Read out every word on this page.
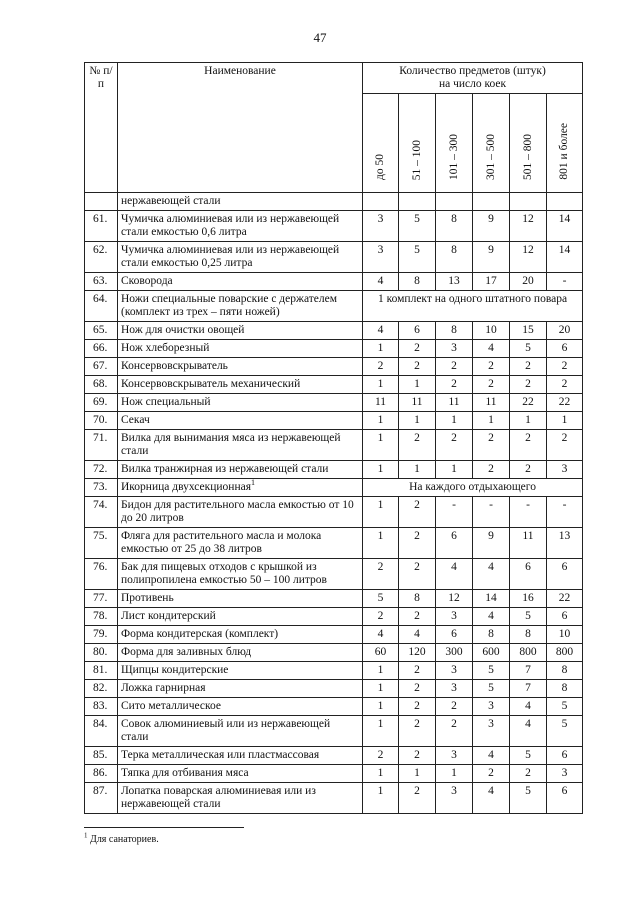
47
№ п/п	Наименование	Количество предметов (штук)
на число коек					
		до 50	51 – 100	101 – 300	301 – 500	501 – 800	801 и более
	нержавеющей стали						
61.	Чумичка алюминиевая или из нержавеющей стали емкостью 0,6 литра	3	5	8	9	12	14
62.	Чумичка алюминиевая или из нержавеющей стали емкостью 0,25 литра	3	5	8	9	12	14
63.	Сковорода	4	8	13	17	20	-
64.	Ножи специальные поварские с держателем (комплект из трех – пяти ножей)	1 комплект на одного штатного повара					
65.	Нож для очистки овощей	4	6	8	10	15	20
66.	Нож хлеборезный	1	2	3	4	5	6
67.	Консервовскрыватель	2	2	2	2	2	2
68.	Консервовскрыватель механический	1	1	2	2	2	2
69.	Нож специальный	11	11	11	11	22	22
70.	Секач	1	1	1	1	1	1
71.	Вилка для вынимания мяса из нержавеющей стали	1	2	2	2	2	2
72.	Вилка транжирная из нержавеющей стали	1	1	1	2	2	3
73.	Икорница двухсекционная$^1$	На каждого отдыхающего					
74.	Бидон для растительного масла емкостью от 10 до 20 литров	1	2	-	-	-	-
75.	Фляга для растительного масла и молока емкостью от 25 до 38 литров	1	2	6	9	11	13
76.	Бак для пищевых отходов с крышкой из полипропилена емкостью 50 – 100 литров	2	2	4	4	6	6
77.	Противень	5	8	12	14	16	22
78.	Лист кондитерский	2	2	3	4	5	6
79.	Форма кондитерская (комплект)	4	4	6	8	8	10
80.	Форма для заливных блюд	60	120	300	600	800	800
81.	Щипцы кондитерские	1	2	3	5	7	8
82.	Ложка гарнирная	1	2	3	5	7	8
83.	Сито металлическое	1	2	2	3	4	5
84.	Совок алюминиевый или из нержавеющей стали	1	2	2	3	4	5
85.	Терка металлическая или пластмассовая	2	2	3	4	5	6
86.	Тяпка для отбивания мяса	1	1	1	2	2	3
87.	Лопатка поварская алюминиевая или из нержавеющей стали	1	2	3	4	5	6
$^1$ Для санаториев.
